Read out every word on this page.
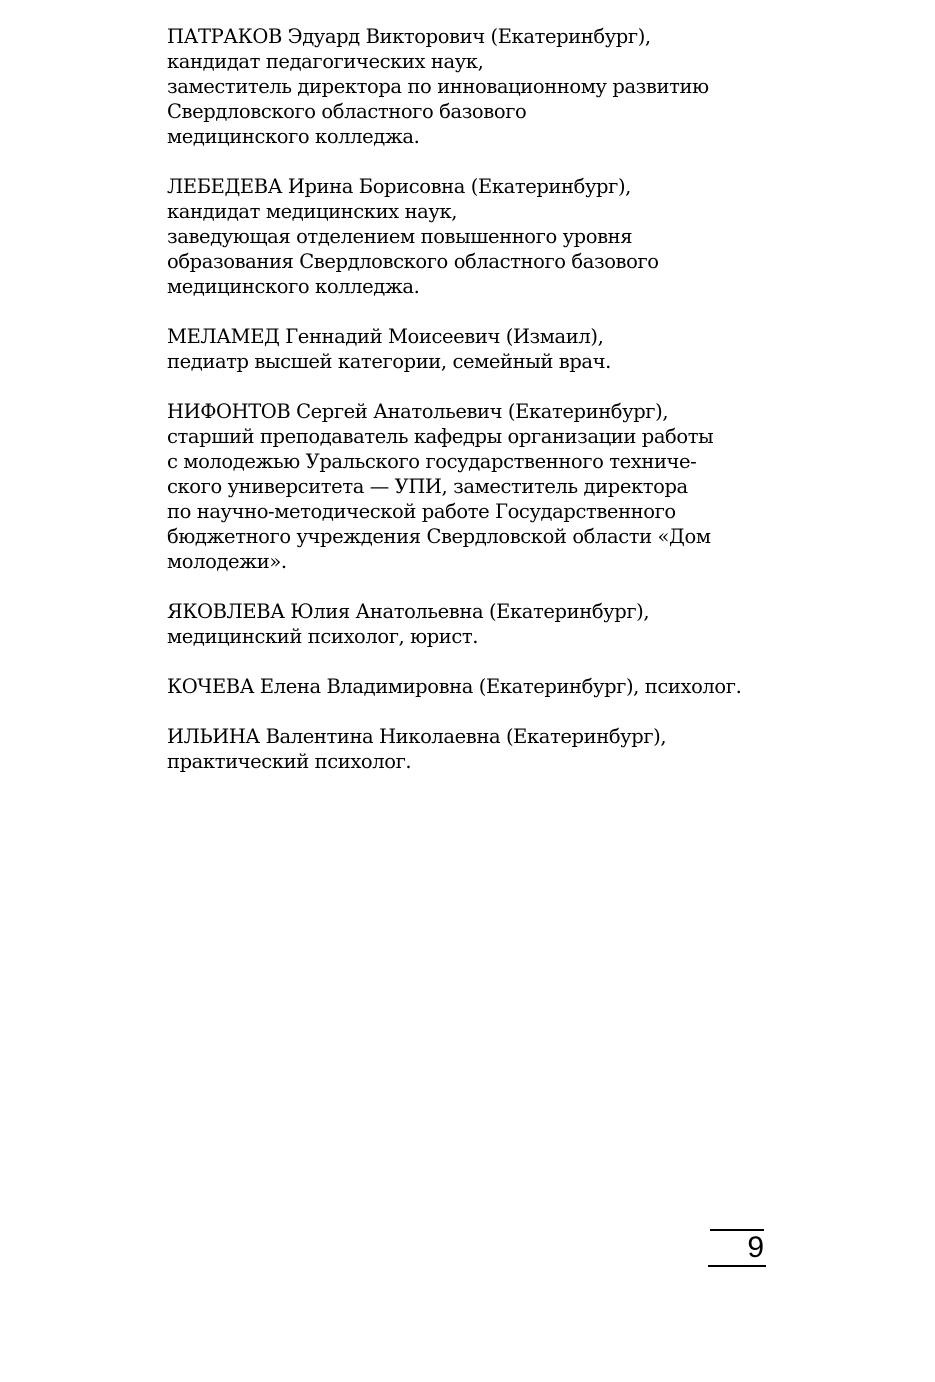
ПАТРАКОВ Эдуард Викторович (Екатеринбург),
кандидат педагогических наук,
заместитель директора по инновационному развитию
Свердловского областного базового
медицинского колледжа.
ЛЕБЕДЕВА Ирина Борисовна (Екатеринбург),
кандидат медицинских наук,
заведующая отделением повышенного уровня
образования Свердловского областного базового
медицинского колледжа.
МЕЛАМЕД Геннадий Моисеевич (Измаил),
педиатр высшей категории, семейный врач.
НИФОНТОВ Сергей Анатольевич (Екатеринбург),
старший преподаватель кафедры организации работы
с молодежью Уральского государственного техниче-
ского университета — УПИ, заместитель директора
по научно-методической работе Государственного
бюджетного учреждения Свердловской области «Дом
молодежи».
ЯКОВЛЕВА Юлия Анатольевна (Екатеринбург),
медицинский психолог, юрист.
КОЧЕВА Елена Владимировна (Екатеринбург), психолог.
ИЛЬИНА Валентина Николаевна (Екатеринбург),
практический психолог.
9
